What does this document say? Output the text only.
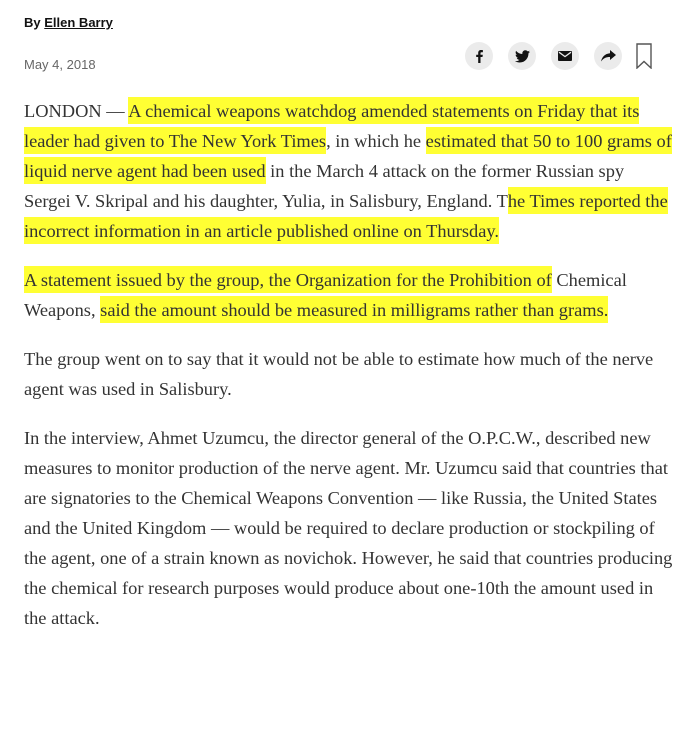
By Ellen Barry
May 4, 2018

LONDON — A chemical weapons watchdog amended statements on Friday that its leader had given to The New York Times, in which he estimated that 50 to 100 grams of liquid nerve agent had been used in the March 4 attack on the former Russian spy Sergei V. Skripal and his daughter, Yulia, in Salisbury, England. The Times reported the incorrect information in an article published online on Thursday.

A statement issued by the group, the Organization for the Prohibition of Chemical Weapons, said the amount should be measured in milligrams rather than grams.

The group went on to say that it would not be able to estimate how much of the nerve agent was used in Salisbury.

In the interview, Ahmet Uzumcu, the director general of the O.P.C.W., described new measures to monitor production of the nerve agent. Mr. Uzumcu said that countries that are signatories to the Chemical Weapons Convention — like Russia, the United States and the United Kingdom — would be required to declare production or stockpiling of the agent, one of a strain known as novichok. However, he said that countries producing the chemical for research purposes would produce about one-10th the amount used in the attack.
